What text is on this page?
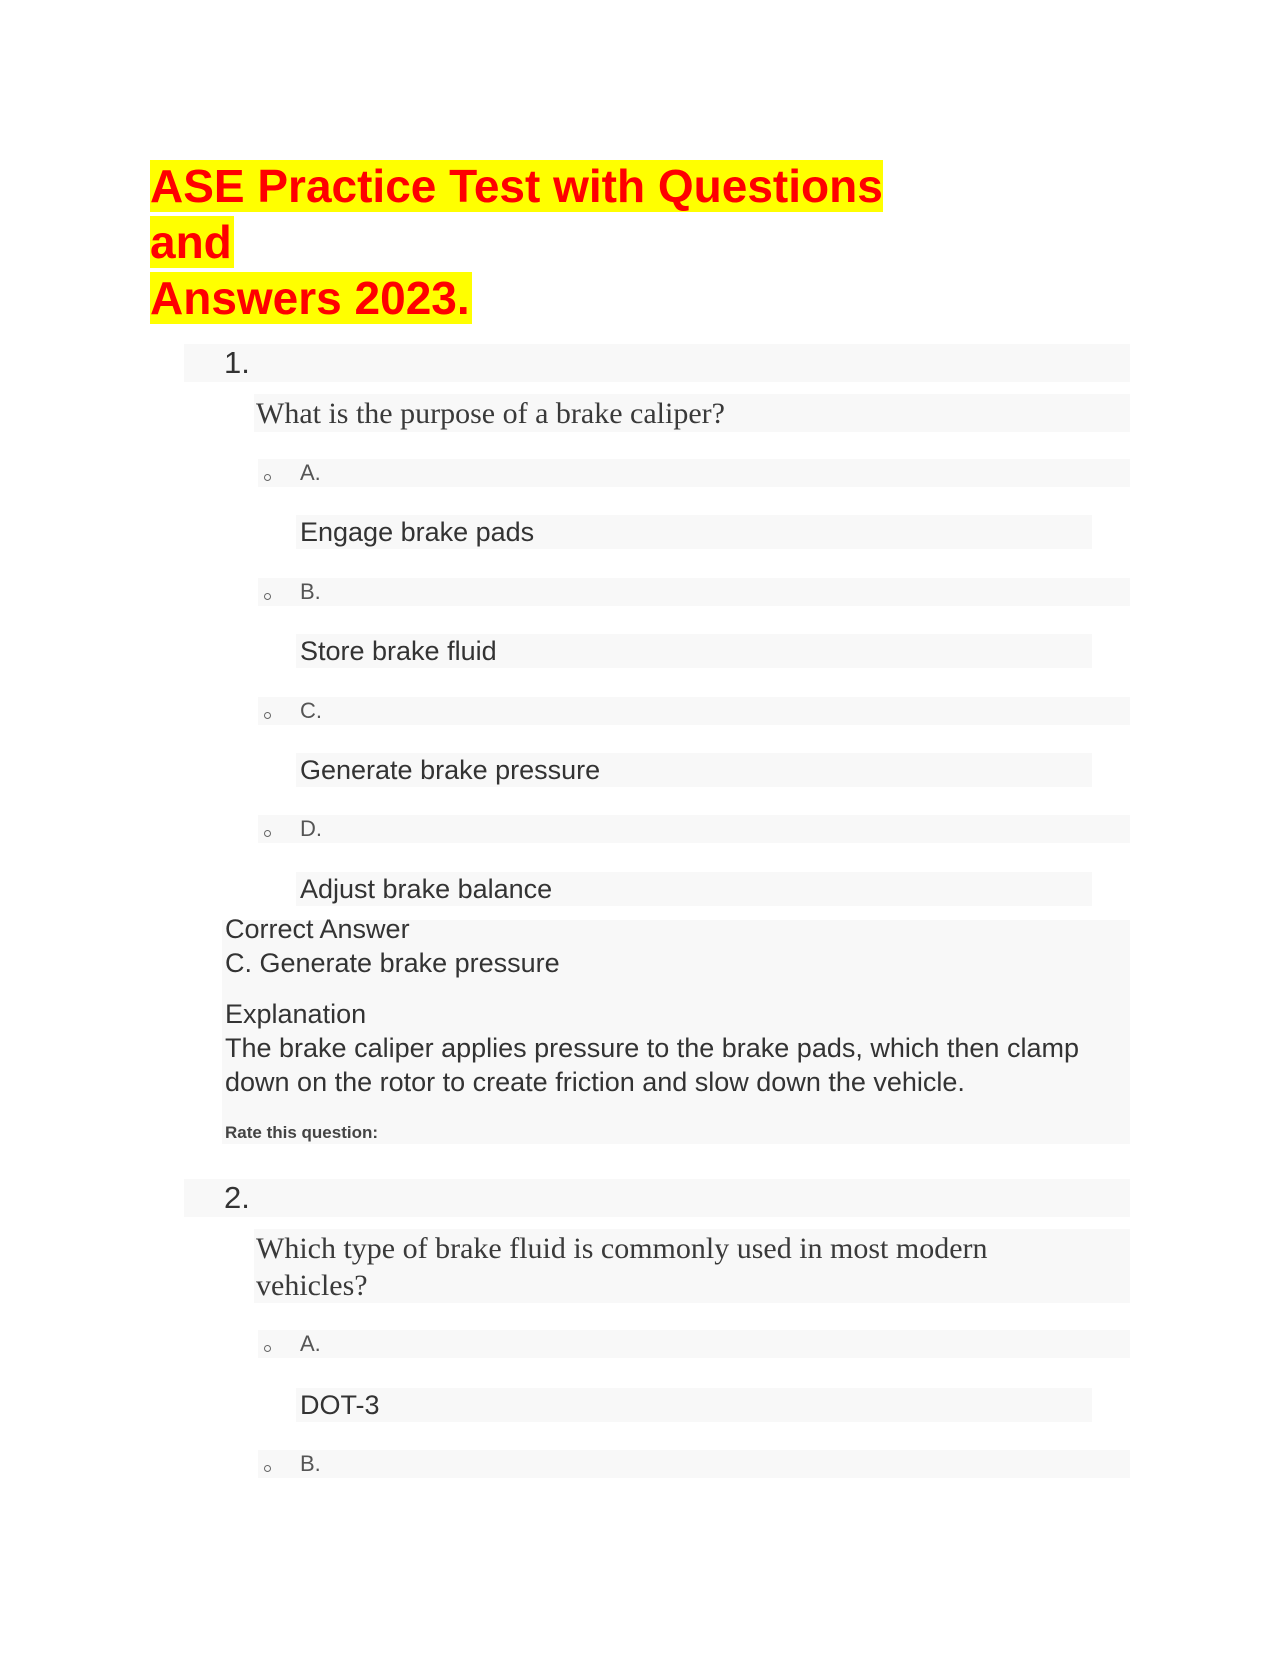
ASE Practice Test with Questions and
Answers 2023.
1.
What is the purpose of a brake caliper?
A.
Engage brake pads
B.
Store brake fluid
C.
Generate brake pressure
D.
Adjust brake balance
Correct Answer
C. Generate brake pressure
Explanation
The brake caliper applies pressure to the brake pads, which then clamp
down on the rotor to create friction and slow down the vehicle.
Rate this question:
2.
Which type of brake fluid is commonly used in most modern
vehicles?
A.
DOT-3
B.
